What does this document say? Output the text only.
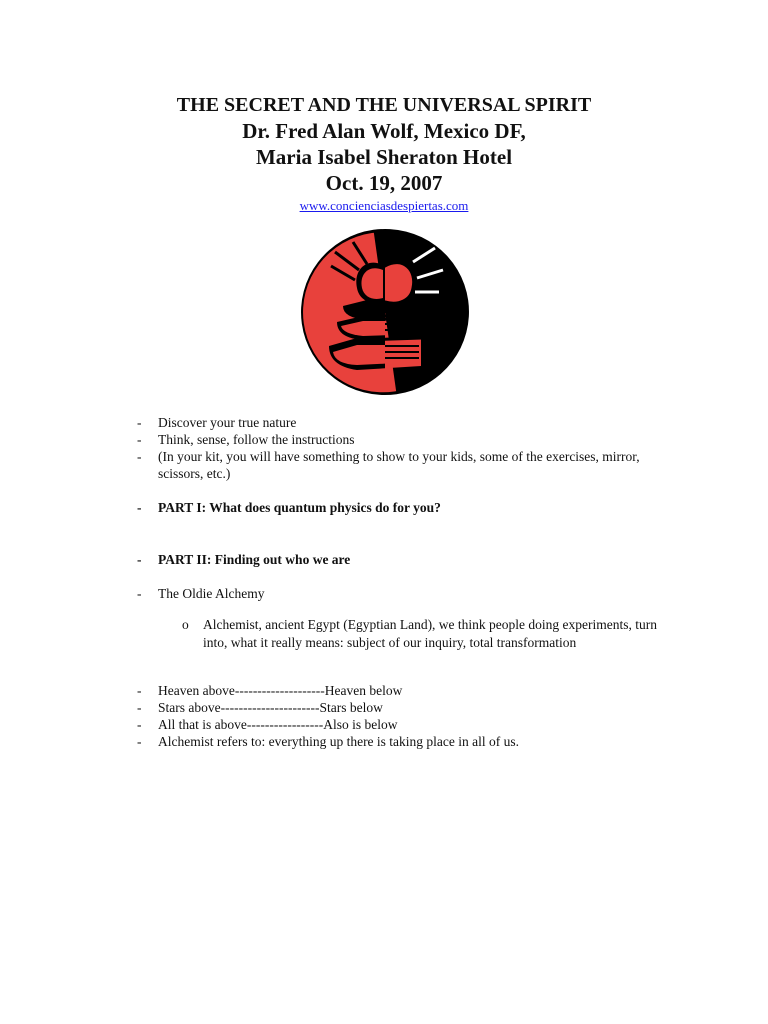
THE SECRET AND THE UNIVERSAL SPIRIT

Dr. Fred Alan Wolf, Mexico DF,

Maria Isabel Sheraton Hotel

Oct. 19, 2007

www.concienciasdespiertas.com

- Discover your true nature

- Think, sense, follow the instructions

- (In your kit, you will have something to show to your kids, some of the exercises, mirror, scissors, etc.)

- PART I: What does quantum physics do for you?

- PART II: Finding out who we are

- The Oldie Alchemy

o Alchemist, ancient Egypt (Egyptian Land), we think people doing experiments, turn into, what it really means: subject of our inquiry, total transformation

- Heaven above--------------------Heaven below

- Stars above----------------------Stars below

- All that is above-----------------Also is below

- Alchemist refers to: everything up there is taking place in all of us.
